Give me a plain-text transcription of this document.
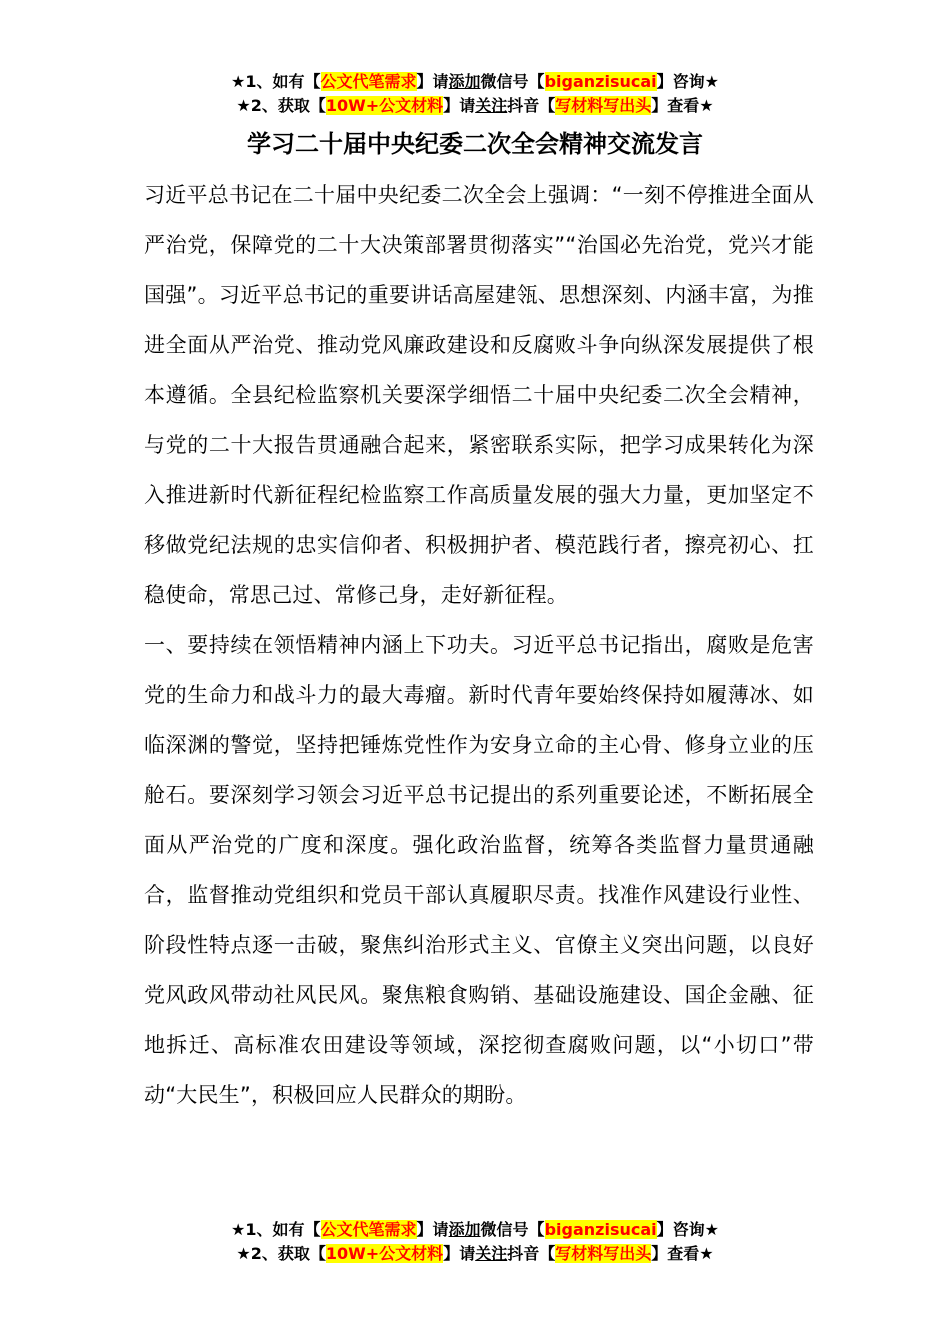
★1、如有【公文代笔需求】请添加微信号【biganzisucai】咨询★
★2、获取【10W+公文材料】请关注抖音【写材料写出头】查看★
学习二十届中央纪委二次全会精神交流发言

习近平总书记在二十届中央纪委二次全会上强调：“一刻不停推进全面从严治党，保障党的二十大决策部署贯彻落实”“治国必先治党，党兴才能国强”。习近平总书记的重要讲话高屋建瓴、思想深刻、内涵丰富，为推进全面从严治党、推动党风廉政建设和反腐败斗争向纵深发展提供了根本遵循。全县纪检监察机关要深学细悟二十届中央纪委二次全会精神，与党的二十大报告贯通融合起来，紧密联系实际，把学习成果转化为深入推进新时代新征程纪检监察工作高质量发展的强大力量，更加坚定不移做党纪法规的忠实信仰者、积极拥护者、模范践行者，擦亮初心、扛稳使命，常思己过、常修己身，走好新征程。

一、要持续在领悟精神内涵上下功夫。习近平总书记指出，腐败是危害党的生命力和战斗力的最大毒瘤。新时代青年要始终保持如履薄冰、如临深渊的警觉，坚持把锤炼党性作为安身立命的主心骨、修身立业的压舱石。要深刻学习领会习近平总书记提出的系列重要论述，不断拓展全面从严治党的广度和深度。强化政治监督，统筹各类监督力量贯通融合，监督推动党组织和党员干部认真履职尽责。找准作风建设行业性、阶段性特点逐一击破，聚焦纠治形式主义、官僚主义突出问题，以良好党风政风带动社风民风。聚焦粮食购销、基础设施建设、国企金融、征地拆迁、高标准农田建设等领域，深挖彻查腐败问题，以“小切口”带动“大民生”，积极回应人民群众的期盼。

★1、如有【公文代笔需求】请添加微信号【biganzisucai】咨询★
★2、获取【10W+公文材料】请关注抖音【写材料写出头】查看★
